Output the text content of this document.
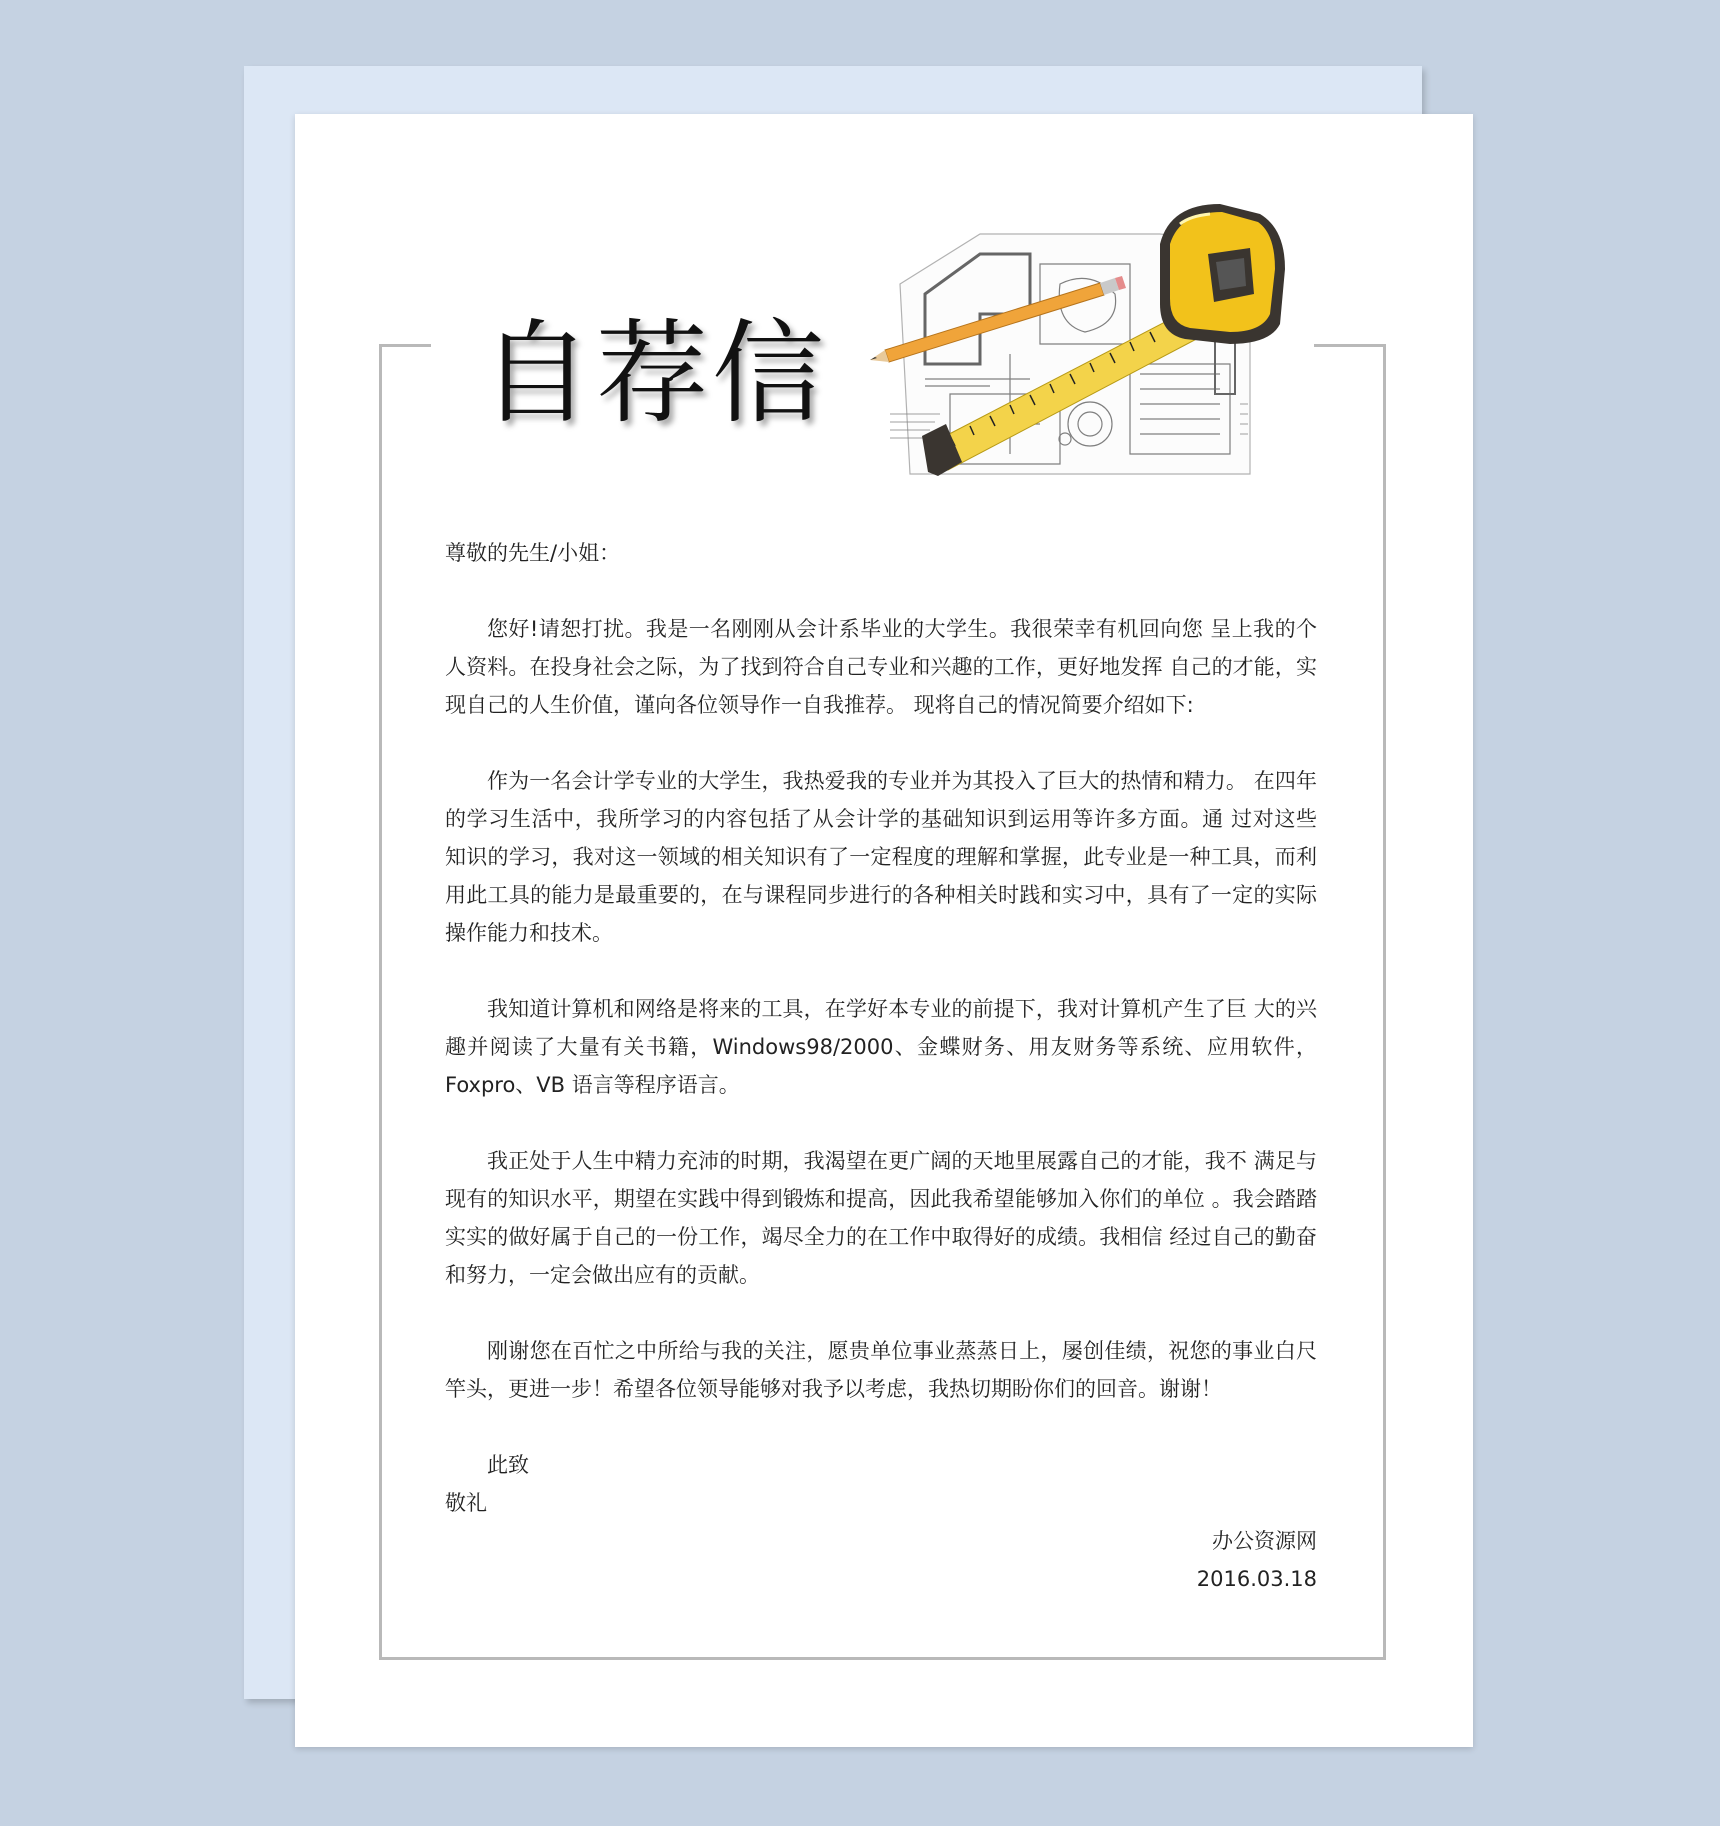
自荐信

尊敬的先生/小姐：

您好!请恕打扰。我是一名刚刚从会计系毕业的大学生。我很荣幸有机回向您 呈上我的个人资料。在投身社会之际，为了找到符合自己专业和兴趣的工作，更好地发挥 自己的才能，实现自己的人生价值，谨向各位领导作一自我推荐。 现将自己的情况简要介绍如下:

作为一名会计学专业的大学生，我热爱我的专业并为其投入了巨大的热情和精力。 在四年的学习生活中，我所学习的内容包括了从会计学的基础知识到运用等许多方面。通 过对这些 知识的学习，我对这一领域的相关知识有了一定程度的理解和掌握，此专业是一种工具，而利用此工具的能力是最重要的，在与课程同步进行的各种相关时践和实习中，具有了一定的实际操作能力和技术。

我知道计算机和网络是将来的工具，在学好本专业的前提下，我对计算机产生了巨 大的兴趣并阅读了大量有关书籍，Windows98/2000、金蝶财务、用友财务等系统、应用软件，Foxpro、VB 语言等程序语言。

我正处于人生中精力充沛的时期，我渴望在更广阔的天地里展露自己的才能，我不 满足与现有的知识水平，期望在实践中得到锻炼和提高，因此我希望能够加入你们的单位 。我会踏踏实实的做好属于自己的一份工作，竭尽全力的在工作中取得好的成绩。我相信 经过自己的勤奋和努力，一定会做出应有的贡献。

刚谢您在百忙之中所给与我的关注，愿贵单位事业蒸蒸日上，屡创佳绩，祝您的事业白尺竿头，更进一步！希望各位领导能够对我予以考虑，我热切期盼你们的回音。谢谢！

此致

敬礼

办公资源网

2016.03.18
